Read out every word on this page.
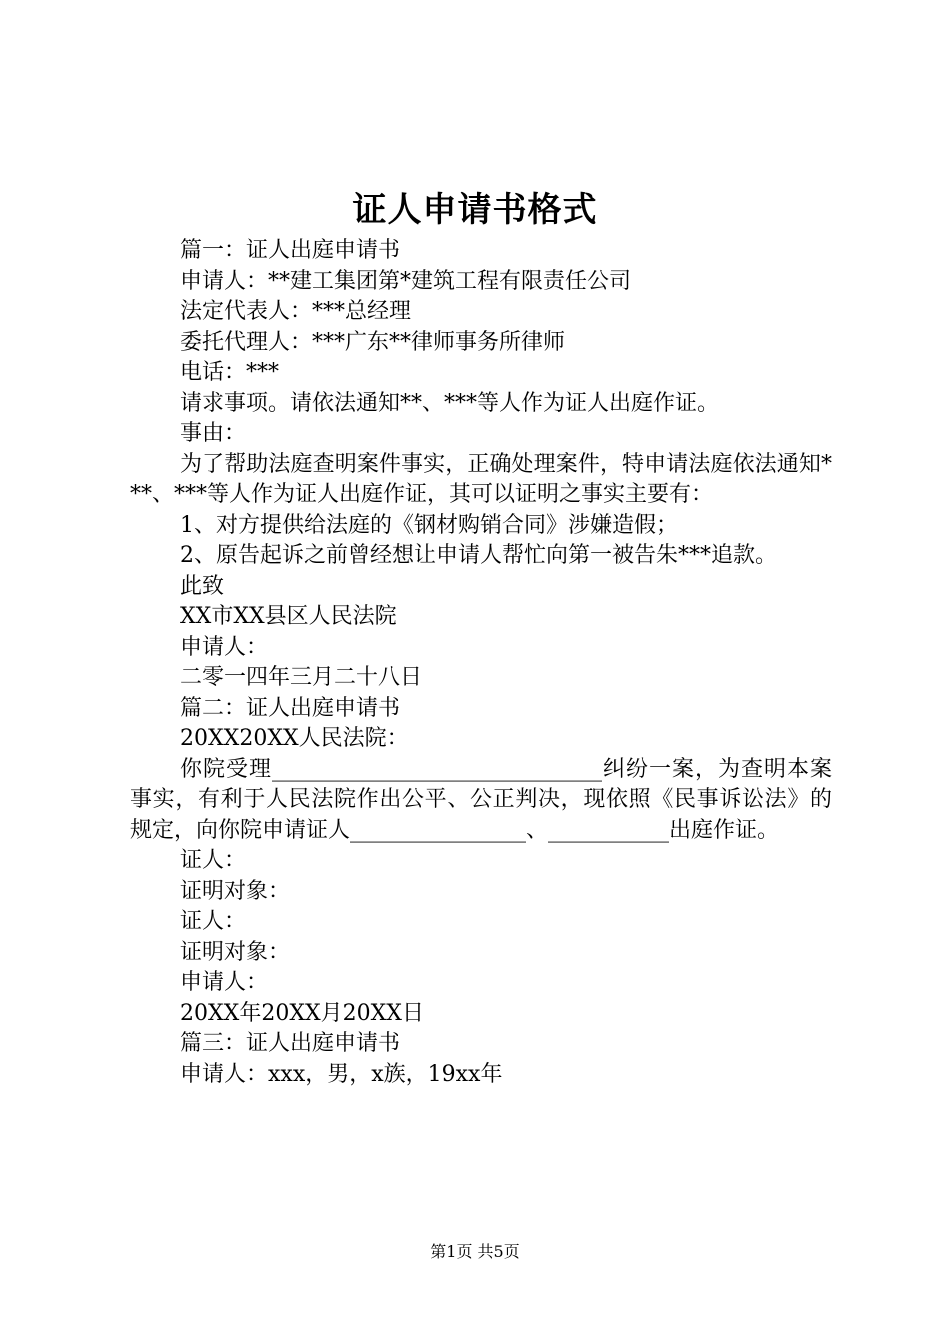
证人申请书格式

篇一：证人出庭申请书

申请人：**建工集团第*建筑工程有限责任公司

法定代表人：***总经理

委托代理人：***广东**律师事务所律师

电话：***

请求事项。请依法通知**、***等人作为证人出庭作证。

事由：

为了帮助法庭查明案件事实，正确处理案件，特申请法庭依法通知***、***等人作为证人出庭作证，其可以证明之事实主要有：

1、对方提供给法庭的《钢材购销合同》涉嫌造假；

2、原告起诉之前曾经想让申请人帮忙向第一被告朱***追款。

此致

XX市XX县区人民法院

申请人：

二零一四年三月二十八日

篇二：证人出庭申请书

20XX20XX人民法院：

你院受理______________________________纠纷一案，为查明本案事实，有利于人民法院作出公平、公正判决，现依照《民事诉讼法》的规定，向你院申请证人________________、___________出庭作证。

证人：

证明对象：

证人：

证明对象：

申请人：

20XX年20XX月20XX日

篇三：证人出庭申请书

申请人：xxx，男，x族，19xx年

第1页 共5页
